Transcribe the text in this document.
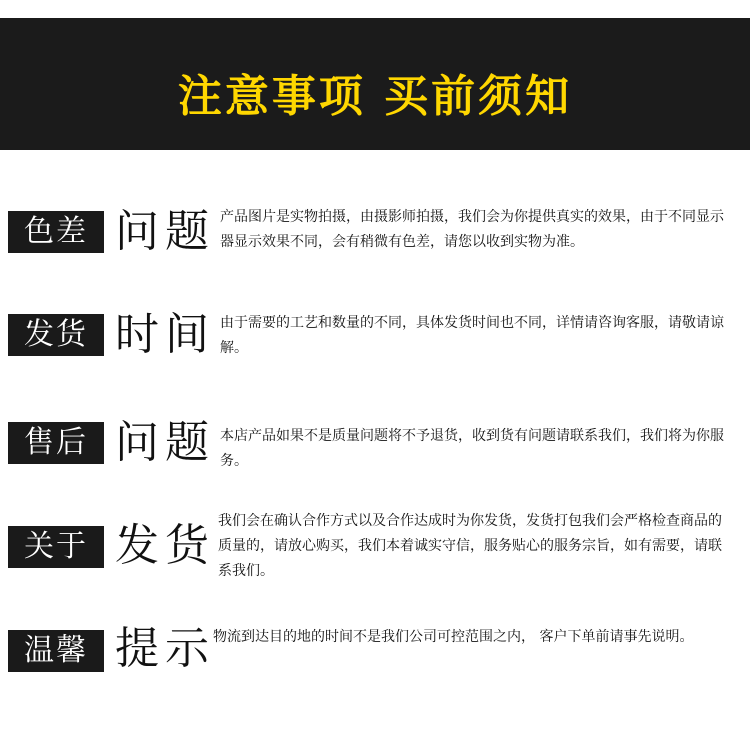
注意事项 买前须知
色差 问题 产品图片是实物拍摄，由摄影师拍摄，我们会为你提供真实的效果，由于不同显示器显示效果不同，会有稍微有色差，请您以收到实物为准。
发货 时间 由于需要的工艺和数量的不同，具体发货时间也不同，详情请咨询客服，请敬请谅解。
售后 问题 本店产品如果不是质量问题将不予退货，收到货有问题请联系我们，我们将为你服务。
关于 发货 我们会在确认合作方式以及合作达成时为你发货，发货打包我们会严格检查商品的质量的，请放心购买，我们本着诚实守信，服务贴心的服务宗旨，如有需要，请联系我们。
温馨 提示
物流到达目的地的时间不是我们公司可控范围之内， 客户下单前请事先说明。
